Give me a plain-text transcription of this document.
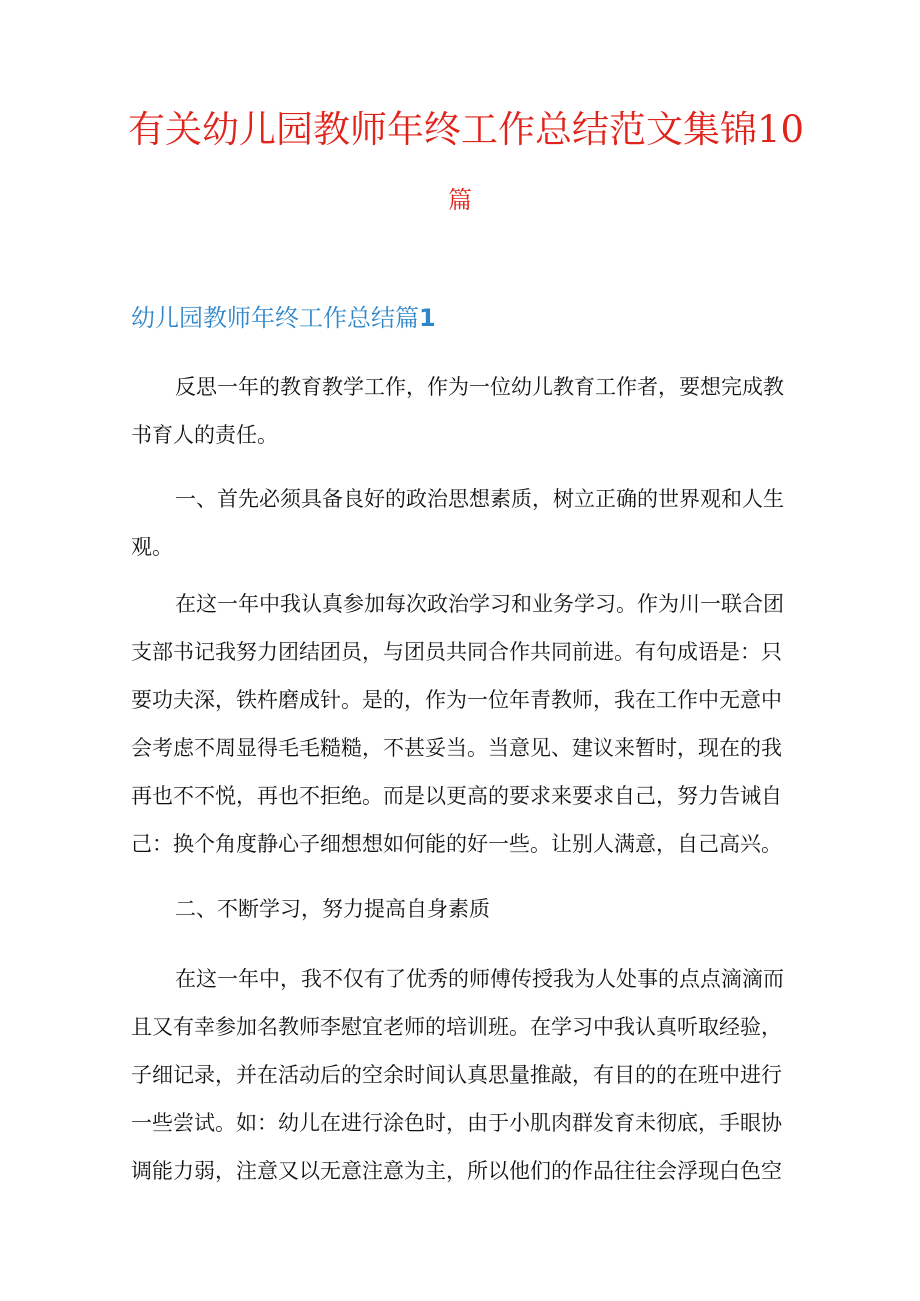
有关幼儿园教师年终工作总结范文集锦10
篇
幼儿园教师年终工作总结篇1
反思一年的教育教学工作，作为一位幼儿教育工作者，要想完成教
书育人的责任。
一、首先必须具备良好的政治思想素质，树立正确的世界观和人生
观。
在这一年中我认真参加每次政治学习和业务学习。作为川一联合团
支部书记我努力团结团员，与团员共同合作共同前进。有句成语是：只
要功夫深，铁杵磨成针。是的，作为一位年青教师，我在工作中无意中
会考虑不周显得毛毛糙糙，不甚妥当。当意见、建议来暂时，现在的我
再也不不悦，再也不拒绝。而是以更高的要求来要求自己，努力告诫自
己：换个角度静心子细想想如何能的好一些。让别人满意，自己高兴。
二、不断学习，努力提高自身素质
在这一年中，我不仅有了优秀的师傅传授我为人处事的点点滴滴而
且又有幸参加名教师李慰宜老师的培训班。在学习中我认真听取经验，
子细记录，并在活动后的空余时间认真思量推敲，有目的的在班中进行
一些尝试。如：幼儿在进行涂色时，由于小肌肉群发育未彻底，手眼协
调能力弱，注意又以无意注意为主，所以他们的作品往往会浮现白色空
